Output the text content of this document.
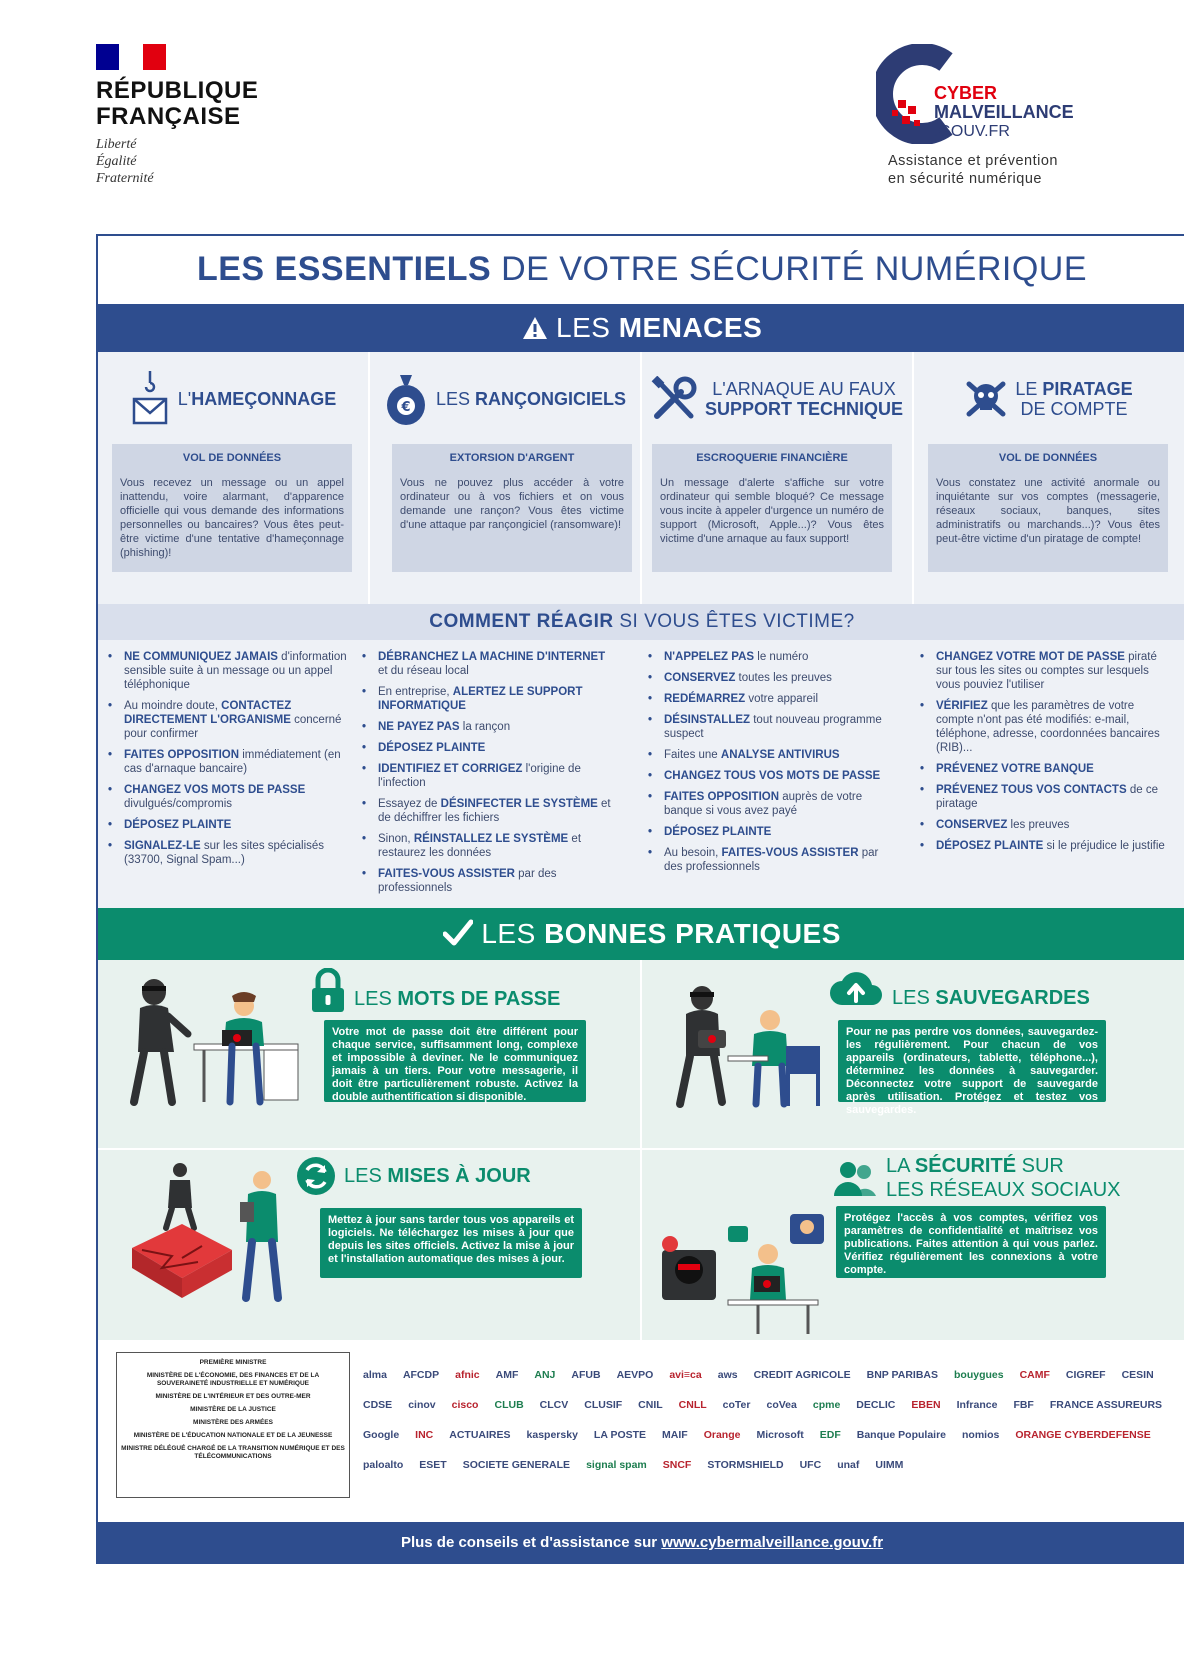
RÉPUBLIQUE
FRANÇAISE
Liberté
Égalité
Fraternité
CYBER
MALVEILLANCE
.GOUV.FR
Assistance et prévention
en sécurité numérique
LES ESSENTIELS DE VOTRE SÉCURITÉ NUMÉRIQUE
LES MENACES
L'HAMEÇONNAGE
VOL DE DONNÉES
Vous recevez un message ou un appel inattendu, voire alarmant, d'apparence officielle qui vous demande des informations personnelles ou bancaires? Vous êtes peut-être victime d'une tentative d'hameçonnage (phishing)!
€ LES RANÇONGICIELS
EXTORSION D'ARGENT
Vous ne pouvez plus accéder à votre ordinateur ou à vos fichiers et on vous demande une rançon? Vous êtes victime d'une attaque par rançongiciel (ransomware)!
L'ARNAQUE AU FAUX
SUPPORT TECHNIQUE
ESCROQUERIE FINANCIÈRE
Un message d'alerte s'affiche sur votre ordinateur qui semble bloqué? Ce message vous incite à appeler d'urgence un numéro de support (Microsoft, Apple...)? Vous êtes victime d'une arnaque au faux support!
LE PIRATAGE
DE COMPTE
VOL DE DONNÉES
Vous constatez une activité anormale ou inquiétante sur vos comptes (messagerie, réseaux sociaux, banques, sites administratifs ou marchands...)? Vous êtes peut-être victime d'un piratage de compte!
COMMENT RÉAGIR SI VOUS ÊTES VICTIME?
• NE COMMUNIQUEZ JAMAIS d'information sensible suite à un message ou un appel téléphonique
• Au moindre doute, CONTACTEZ DIRECTEMENT L'ORGANISME concerné pour confirmer
• FAITES OPPOSITION immédiatement (en cas d'arnaque bancaire)
• CHANGEZ VOS MOTS DE PASSE divulgués/compromis
• DÉPOSEZ PLAINTE
• SIGNALEZ-LE sur les sites spécialisés (33700, Signal Spam...)
• DÉBRANCHEZ LA MACHINE D'INTERNET et du réseau local
• En entreprise, ALERTEZ LE SUPPORT INFORMATIQUE
• NE PAYEZ PAS la rançon
• DÉPOSEZ PLAINTE
• IDENTIFIEZ ET CORRIGEZ l'origine de l'infection
• Essayez de DÉSINFECTER LE SYSTÈME et de déchiffrer les fichiers
• Sinon, RÉINSTALLEZ LE SYSTÈME et restaurez les données
• FAITES-VOUS ASSISTER par des professionnels
• N'APPELEZ PAS le numéro
• CONSERVEZ toutes les preuves
• REDÉMARREZ votre appareil
• DÉSINSTALLEZ tout nouveau programme suspect
• Faites une ANALYSE ANTIVIRUS
• CHANGEZ TOUS VOS MOTS DE PASSE
• FAITES OPPOSITION auprès de votre banque si vous avez payé
• DÉPOSEZ PLAINTE
• Au besoin, FAITES-VOUS ASSISTER par des professionnels
• CHANGEZ VOTRE MOT DE PASSE piraté sur tous les sites ou comptes sur lesquels vous pouviez l'utiliser
• VÉRIFIEZ que les paramètres de votre compte n'ont pas été modifiés: e-mail, téléphone, adresse, coordonnées bancaires (RIB)...
• PRÉVENEZ VOTRE BANQUE
• PRÉVENEZ TOUS VOS CONTACTS de ce piratage
• CONSERVEZ les preuves
• DÉPOSEZ PLAINTE si le préjudice le justifie
LES BONNES PRATIQUES
LES MOTS DE PASSE
Votre mot de passe doit être différent pour chaque service, suffisamment long, complexe et impossible à deviner. Ne le communiquez jamais à un tiers. Pour votre messagerie, il doit être particulièrement robuste. Activez la double authentification si disponible.
LES SAUVEGARDES
Pour ne pas perdre vos données, sauvegardez-les régulièrement. Pour chacun de vos appareils (ordinateurs, tablette, téléphone...), déterminez les données à sauvegarder. Déconnectez votre support de sauvegarde après utilisation. Protégez et testez vos sauvegardes.
LES MISES À JOUR
Mettez à jour sans tarder tous vos appareils et logiciels. Ne téléchargez les mises à jour que depuis les sites officiels. Activez la mise à jour et l'installation automatique des mises à jour.
LA SÉCURITÉ SUR
LES RÉSEAUX SOCIAUX
Protégez l'accès à vos comptes, vérifiez vos paramètres de confidentialité et maîtrisez vos publications. Faites attention à qui vous parlez. Vérifiez régulièrement les connexions à votre compte.
PREMIÈRE MINISTRE
MINISTÈRE DE L'ÉCONOMIE, DES FINANCES ET DE LA SOUVERAINETÉ INDUSTRIELLE ET NUMÉRIQUE
MINISTÈRE DE L'INTÉRIEUR ET DES OUTRE-MER
MINISTÈRE DE LA JUSTICE
MINISTÈRE DES ARMÉES
MINISTÈRE DE L'ÉDUCATION NATIONALE ET DE LA JEUNESSE
MINISTRE DÉLÉGUÉ CHARGÉ DE LA TRANSITION NUMÉRIQUE ET DES TÉLÉCOMMUNICATIONS
alma AFCDP afnic AMF ANJ AFUB AEVPO avi≡ca aws CREDIT AGRICOLE BNP PARIBAS bouygues CAMF CIGREF CESIN
CDSE cinov cisco CLUB CLCV CLUSIF CNIL CNLL coTer coVea cpme DECLIC EBEN Infrance FBF FRANCE ASSUREURS
Google INC ACTUAIRES kaspersky LA POSTE MAIF Orange Microsoft EDF Banque Populaire nomios ORANGE CYBERDEFENSE
paloalto ESET SOCIETE GENERALE signal spam SNCF STORMSHIELD UFC unaf UIMM
Plus de conseils et d'assistance sur www.cybermalveillance.gouv.fr
